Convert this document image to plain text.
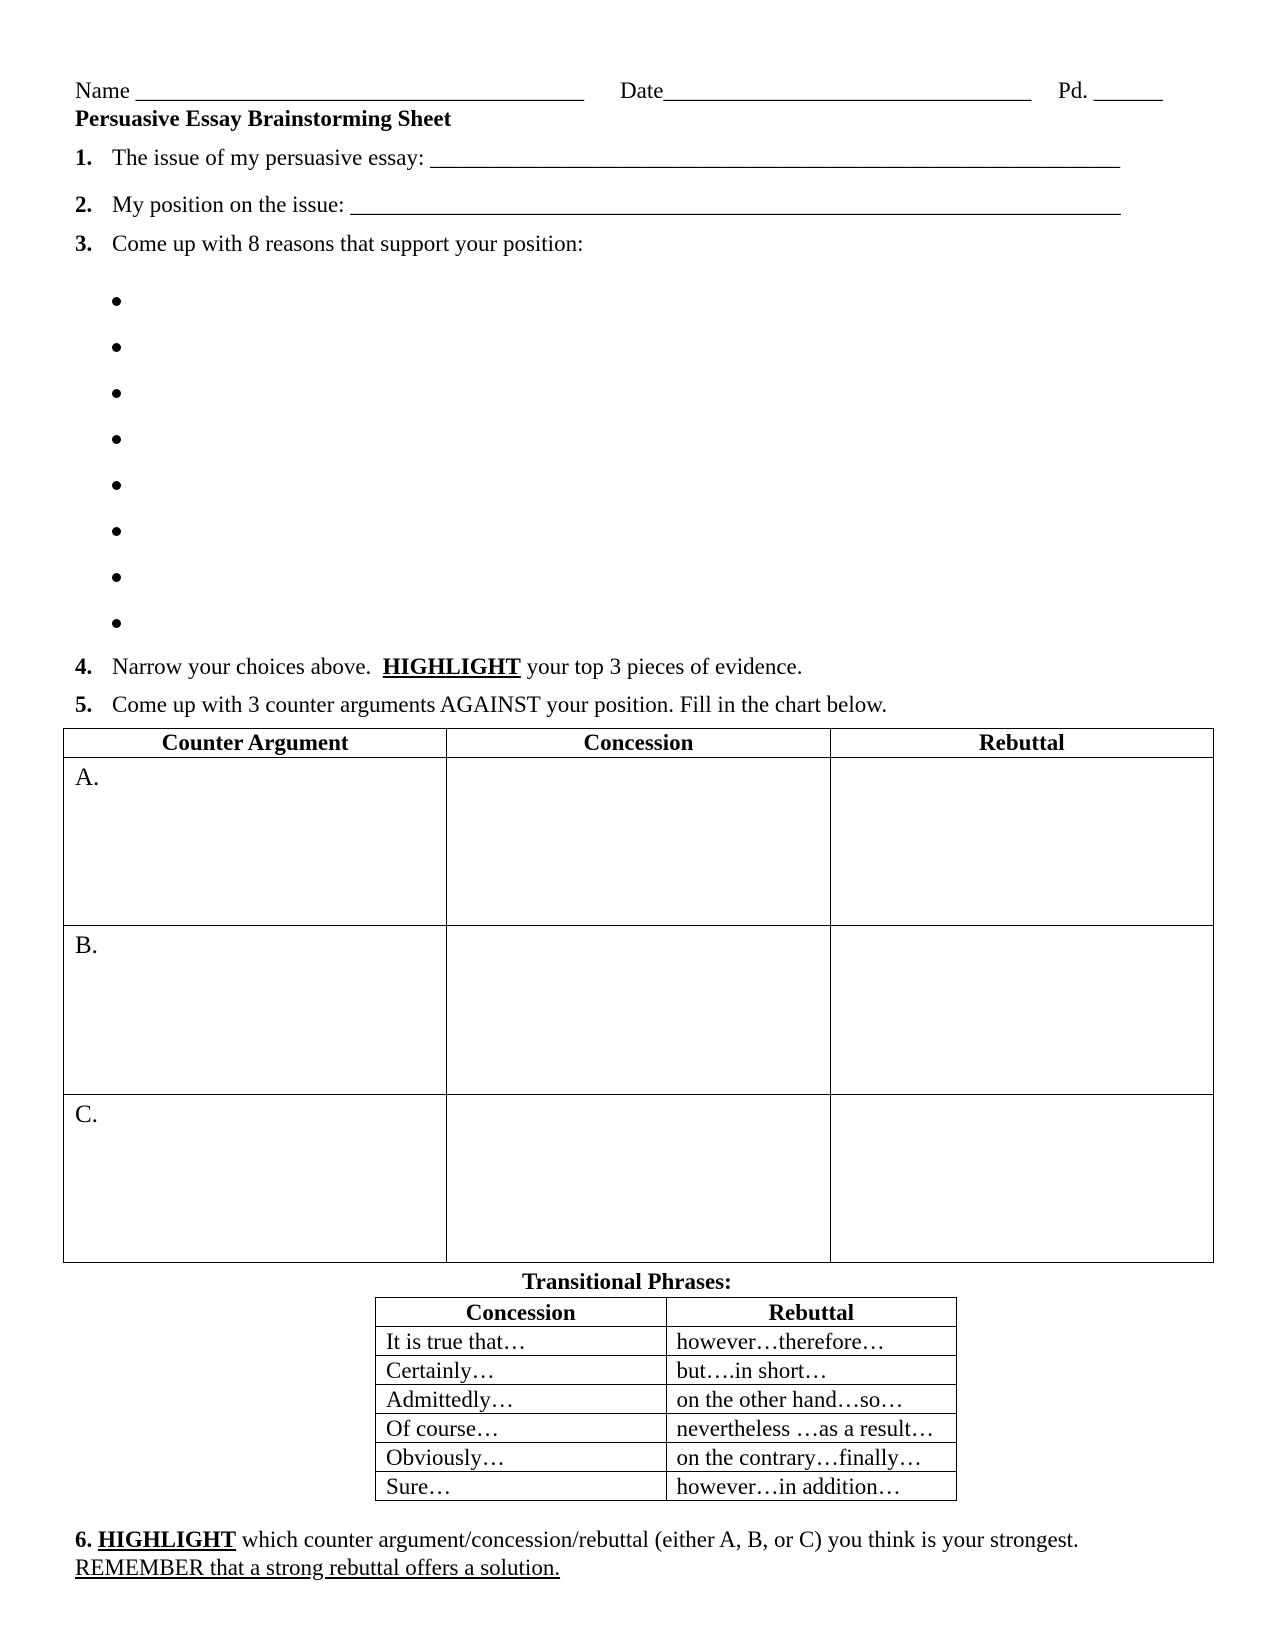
Name _______________________________________ Date________________________________ Pd. ______
Persuasive Essay Brainstorming Sheet
1. The issue of my persuasive essay: ____________________________________________________________
2. My position on the issue: ___________________________________________________________________
3. Come up with 8 reasons that support your position:
4. Narrow your choices above. HIGHLIGHT your top 3 pieces of evidence.
5. Come up with 3 counter arguments AGAINST your position. Fill in the chart below.
Counter Argument	Concession	Rebuttal

A.		

B.		

C.		

Transitional Phrases:
Concession	Rebuttal
It is true that…	however…therefore…
Certainly…	but….in short…
Admittedly…	on the other hand…so…
Of course…	nevertheless …as a result…
Obviously…	on the contrary…finally…
Sure…	however…in addition…
6. HIGHLIGHT which counter argument/concession/rebuttal (either A, B, or C) you think is your strongest.
REMEMBER that a strong rebuttal offers a solution.
